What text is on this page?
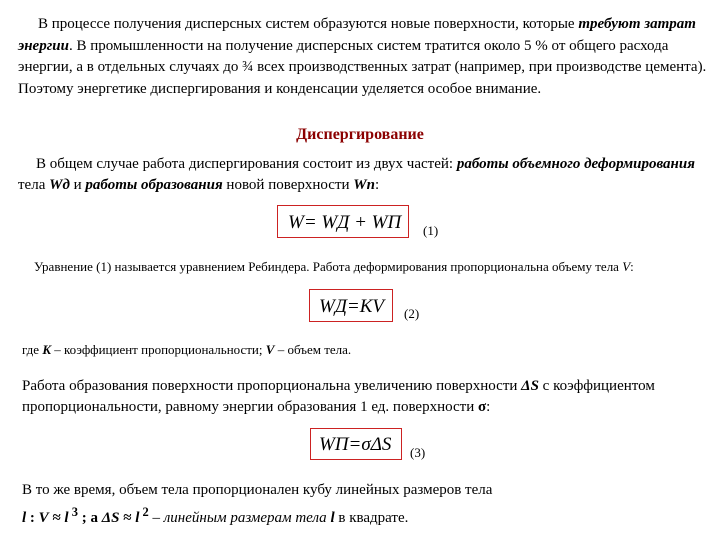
В процессе получения дисперсных систем образуются новые поверхности, которые требуют затрат энергии. В промышленности на получение дисперсных систем тратится около 5 % от общего расхода энергии, а в отдельных случаях до ¾ всех производственных затрат (например, при производстве цемента). Поэтому энергетике диспергирования и конденсации уделяется особое внимание.
Диспергирование
В общем случае работа диспергирования состоит из двух частей: работы объемного деформирования тела Wд и работы образования новой поверхности Wп:
W= WД + WП	(1)
Уравнение (1) называется уравнением Ребиндера. Работа деформирования пропорциональна объему тела V:
WД=KV	(2)
где K – коэффициент пропорциональности; V – объем тела.
Работа образования поверхности пропорциональна увеличению поверхности ΔS с коэффициентом пропорциональности, равному энергии образования 1 ед. поверхности σ:
WП=σΔS	(3)
В то же время, объем тела пропорционален кубу линейных размеров тела
l : V ≈ l $^3$ ; а ΔS ≈ l $^2$ – линейным размерам тела l в квадрате.
